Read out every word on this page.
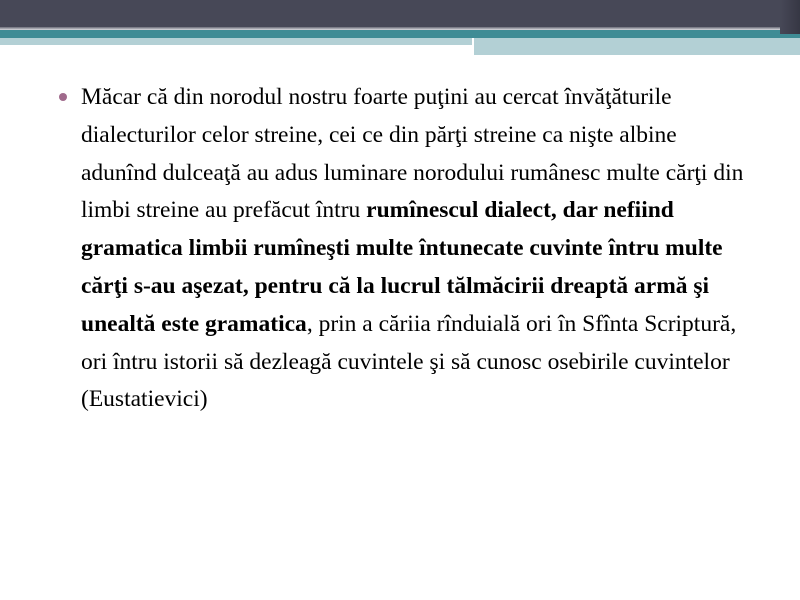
Măcar că din norodul nostru foarte puţini au cercat învăţăturile dialecturilor celor streine, cei ce din părţi streine ca nişte albine adunînd dulceaţă au adus luminare norodului rumânesc multe cărţi din limbi streine au prefăcut întru rumînescul dialect, dar nefiind gramatica limbii rumîneşti multe întunecate cuvinte întru multe cărţi s-au aşezat, pentru că la lucrul tălmăcirii dreaptă armă şi unealtă este gramatica, prin a căriia rînduială ori în Sfînta Scriptură, ori întru istorii să dezleagă cuvintele şi să cunosc osebirile cuvintelor (Eustatievici)
